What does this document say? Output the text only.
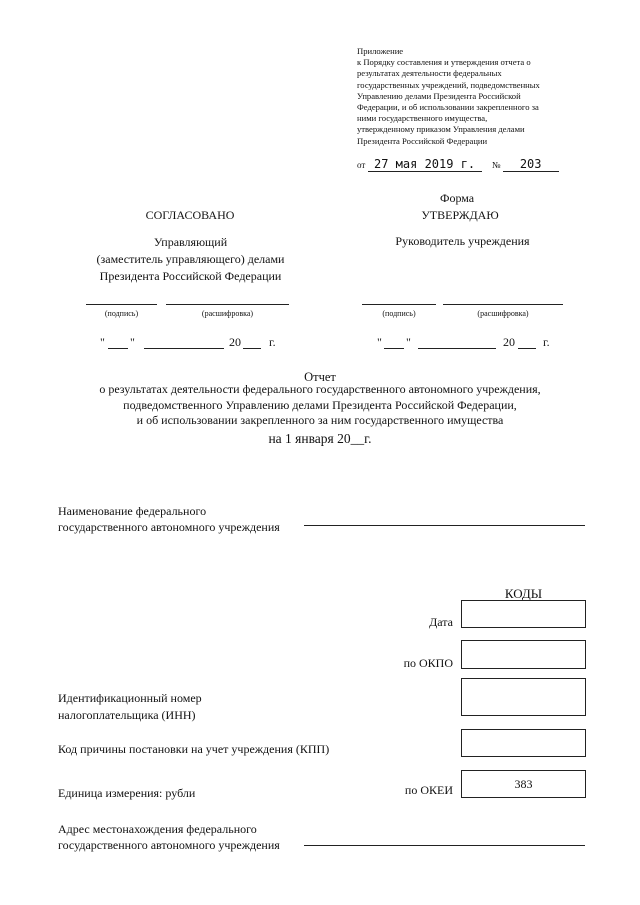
Приложение
к Порядку составления и утверждения отчета о
результатах деятельности федеральных
государственных учреждений, подведомственных
Управлению делами Президента Российской
Федерации, и об использовании закрепленного за
ними государственного имущества,
утвержденному приказом Управления делами
Президента Российской Федерации
от 27 мая 2019 г. № 203
Форма
СОГЛАСОВАНО
Управляющий
(заместитель управляющего) делами
Президента Российской Федерации
(подпись)	(расшифровка)
" "	20 г.
УТВЕРЖДАЮ
Руководитель учреждения
(подпись)	(расшифровка)
" "	20 г.
Отчет
о результатах деятельности федерального государственного автономного учреждения,
подведомственного Управлению делами Президента Российской Федерации,
и об использовании закрепленного за ним государственного имущества
на 1 января 20__г.
Наименование федерального
государственного автономного учреждения
КОДЫ
Дата
по ОКПО
Идентификационный номер
налогоплательщика (ИНН)
Код причины постановки на учет учреждения (КПП)
Единица измерения: рубли	по ОКЕИ	383
Адрес местонахождения федерального
государственного автономного учреждения
